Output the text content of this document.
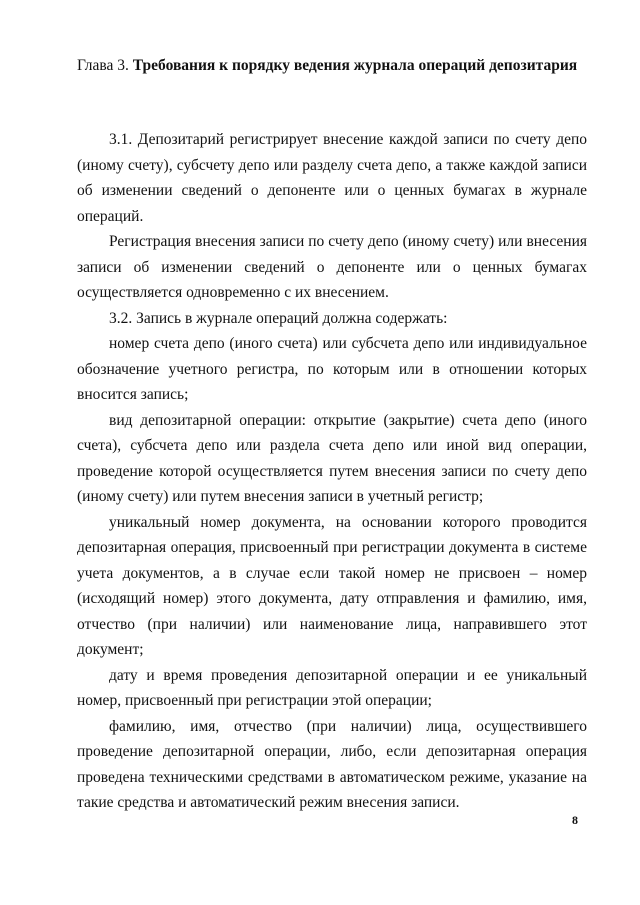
Глава 3. Требования к порядку ведения журнала операций депозитария

3.1. Депозитарий регистрирует внесение каждой записи по счету депо (иному счету), субсчету депо или разделу счета депо, а также каждой записи об изменении сведений о депоненте или о ценных бумагах в журнале операций.

Регистрация внесения записи по счету депо (иному счету) или внесения записи об изменении сведений о депоненте или о ценных бумагах осуществляется одновременно с их внесением.

3.2. Запись в журнале операций должна содержать:

номер счета депо (иного счета) или субсчета депо или индивидуальное обозначение учетного регистра, по которым или в отношении которых вносится запись;

вид депозитарной операции: открытие (закрытие) счета депо (иного счета), субсчета депо или раздела счета депо или иной вид операции, проведение которой осуществляется путем внесения записи по счету депо (иному счету) или путем внесения записи в учетный регистр;

уникальный номер документа, на основании которого проводится депозитарная операция, присвоенный при регистрации документа в системе учета документов, а в случае если такой номер не присвоен – номер (исходящий номер) этого документа, дату отправления и фамилию, имя, отчество (при наличии) или наименование лица, направившего этот документ;

дату и время проведения депозитарной операции и ее уникальный номер, присвоенный при регистрации этой операции;

фамилию, имя, отчество (при наличии) лица, осуществившего проведение депозитарной операции, либо, если депозитарная операция проведена техническими средствами в автоматическом режиме, указание на такие средства и автоматический режим внесения записи.

8
